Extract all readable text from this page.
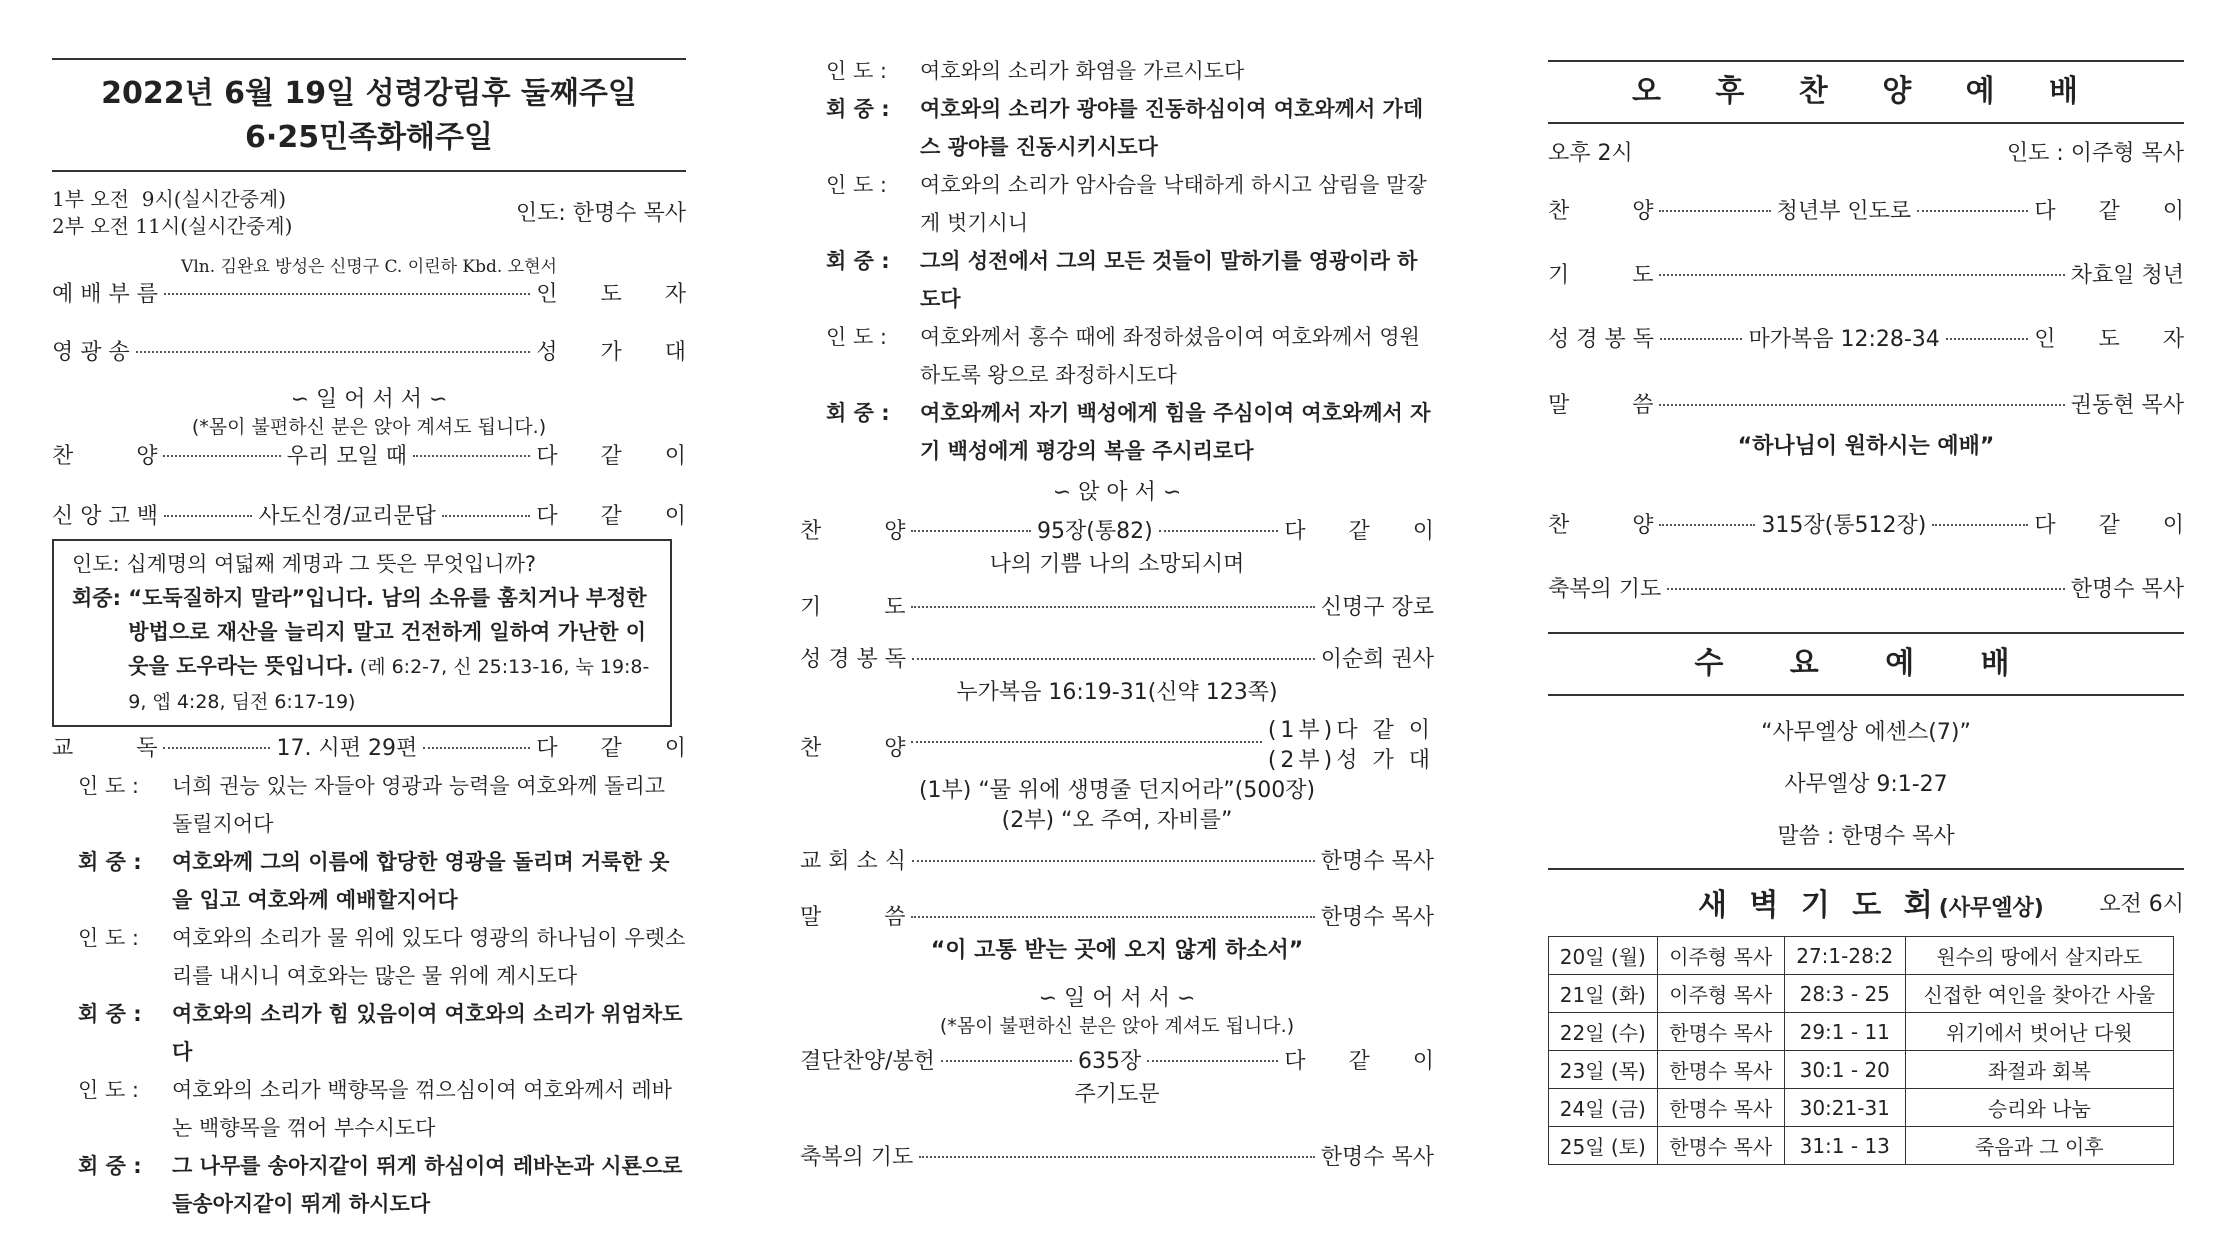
2022년 6월 19일 성령강림후 둘째주일
6·25민족화해주일
1부 오전  9시(실시간중계)
2부 오전 11시(실시간중계)
인도: 한명수 목사
Vln. 김완요 방성은 신명구 C. 이린하 Kbd. 오현서
예 배 부 름	인 도 자
영 광 송	성 가 대
∽ 일 어 서 서 ∽
(*몸이 불편하신 분은 앉아 계셔도 됩니다.)
찬         양	우리 모일 때	다 같 이
신 앙 고 백	사도신경/교리문답	다 같 이
인도: 십계명의 여덟째 계명과 그 뜻은 무엇입니까?
회중: “도둑질하지 말라”입니다. 남의 소유를 훔치거나 부정한 방법으로 재산을 늘리지 말고 건전하게 일하여 가난한 이웃을 도우라는 뜻입니다. (레 6:2-7, 신 25:13-16, 눅 19:8-9, 엡 4:28, 딤전 6:17-19)
교         독	17. 시편 29편	다 같 이
인 도 :	너희 권능 있는 자들아 영광과 능력을 여호와께 돌리고 돌릴지어다
회 중 :	여호와께 그의 이름에 합당한 영광을 돌리며 거룩한 옷을 입고 여호와께 예배할지어다
인 도 :	여호와의 소리가 물 위에 있도다 영광의 하나님이 우렛소리를 내시니 여호와는 많은 물 위에 계시도다
회 중 :	여호와의 소리가 힘 있음이여 여호와의 소리가 위엄차도다
인 도 :	여호와의 소리가 백향목을 꺾으심이여 여호와께서 레바논 백향목을 꺾어 부수시도다
회 중 :	그 나무를 송아지같이 뛰게 하심이여 레바논과 시룐으로 들송아지같이 뛰게 하시도다
인 도 :	여호와의 소리가 화염을 가르시도다
회 중 :	여호와의 소리가 광야를 진동하심이여 여호와께서 가데스 광야를 진동시키시도다
인 도 :	여호와의 소리가 암사슴을 낙태하게 하시고 삼림을 말갛게 벗기시니
회 중 :	그의 성전에서 그의 모든 것들이 말하기를 영광이라 하도다
인 도 :	여호와께서 홍수 때에 좌정하셨음이여 여호와께서 영원하도록 왕으로 좌정하시도다
회 중 :	여호와께서 자기 백성에게 힘을 주심이여 여호와께서 자기 백성에게 평강의 복을 주시리로다
∽ 앉 아 서 ∽
찬         양	95장(통82)	다 같 이
나의 기쁨 나의 소망되시며
기         도	신명구 장로
성 경 봉 독	이순희 권사
누가복음 16:19-31(신약 123쪽)
찬         양
(1부)다 같 이
(2부)성 가 대
(1부) “물 위에 생명줄 던지어라”(500장)
(2부) “오 주여, 자비를”
교 회 소 식	한명수 목사
말         씀	한명수 목사
“이 고통 받는 곳에 오지 않게 하소서”
∽ 일 어 서 서 ∽
(*몸이 불편하신 분은 앉아 계셔도 됩니다.)
결단찬양/봉헌	635장	다 같 이
주기도문
축복의 기도	한명수 목사
오 후 찬 양 예 배
오후 2시	인도 : 이주형 목사
찬         양	청년부 인도로	다 같 이
기         도	차효일 청년
성 경 봉 독	마가복음 12:28-34	인 도 자
말         씀	권동현 목사
“하나님이 원하시는 예배”
찬         양	315장(통512장)	다 같 이
축복의 기도	한명수 목사
수 요 예 배
“사무엘상 에센스(7)”
사무엘상 9:1-27
말씀 : 한명수 목사
새 벽 기 도 회(사무엘상)	오전 6시
20일 (월)	이주형 목사	27:1-28:2	원수의 땅에서 살지라도
21일 (화)	이주형 목사	28:3 - 25	신접한 여인을 찾아간 사울
22일 (수)	한명수 목사	29:1 - 11	위기에서 벗어난 다윗
23일 (목)	한명수 목사	30:1 - 20	좌절과 회복
24일 (금)	한명수 목사	30:21-31	승리와 나눔
25일 (토)	한명수 목사	31:1 - 13	죽음과 그 이후
